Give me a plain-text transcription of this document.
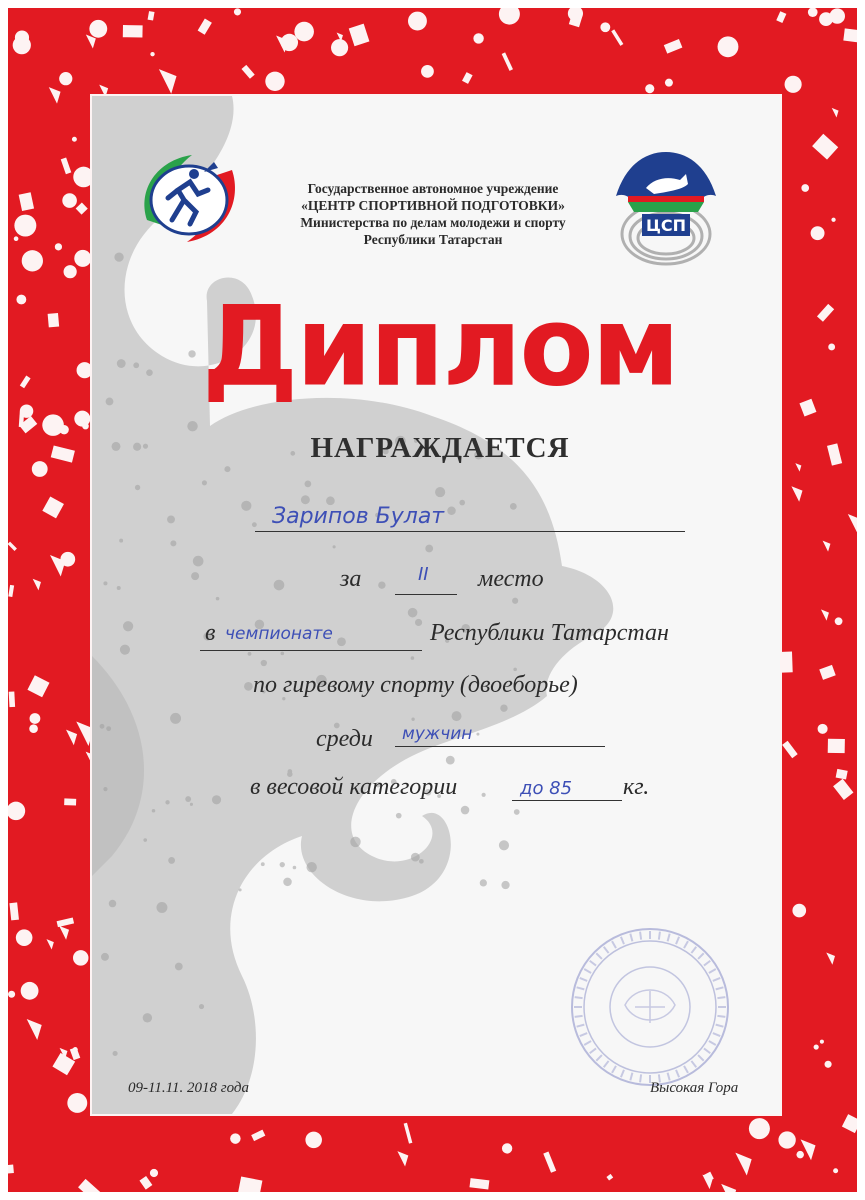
Государственное автономное учреждение
«ЦЕНТР СПОРТИВНОЙ ПОДГОТОВКИ»
Министерства по делам молодежи и спорту
Республики Татарстан
ЦСП
Диплом
НАГРАЖДАЕТСЯ
Заpипов Булат
за	II место
в чемпионате	Республики Татарстан
по гиревому спорту (двоеборье)
среди мужчин
в весовой категории	до 85 кг.
09-11.11. 2018 года	Высокая Гора
